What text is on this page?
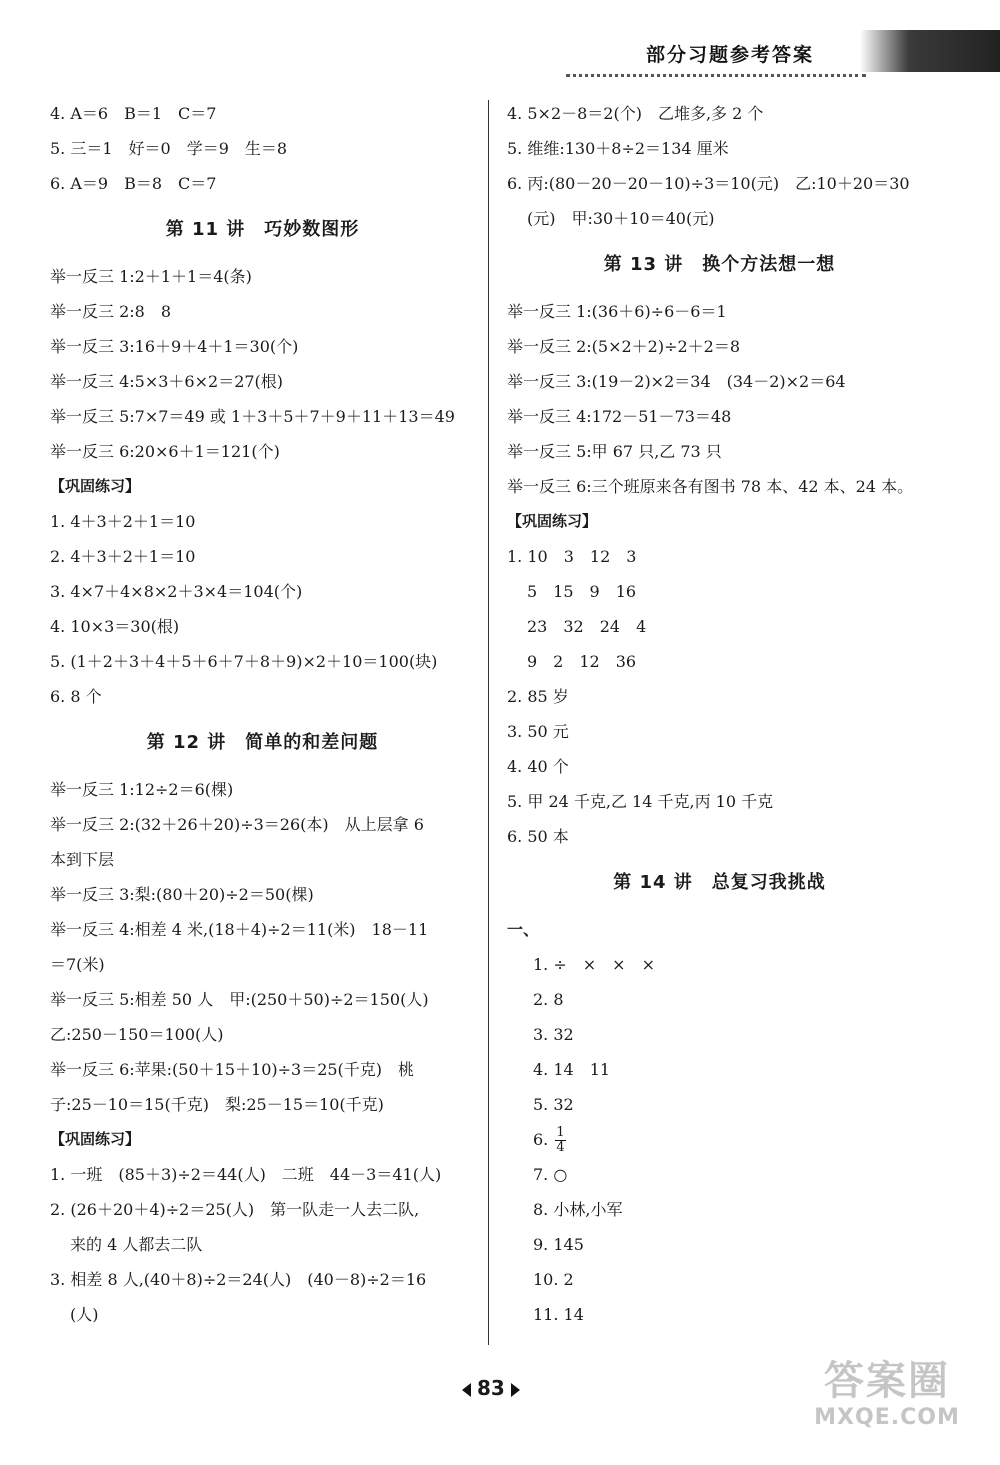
部分习题参考答案
4. A＝6　B＝1　C＝7
5. 三＝1　好＝0　学＝9　生＝8
6. A＝9　B＝8　C＝7
第 11 讲　巧妙数图形
举一反三 1:2＋1＋1＝4(条)
举一反三 2:8　8
举一反三 3:16＋9＋4＋1＝30(个)
举一反三 4:5×3＋6×2＝27(根)
举一反三 5:7×7＝49 或 1＋3＋5＋7＋9＋11＋13＝49
举一反三 6:20×6＋1＝121(个)
【巩固练习】
1. 4＋3＋2＋1＝10
2. 4＋3＋2＋1＝10
3. 4×7＋4×8×2＋3×4＝104(个)
4. 10×3＝30(根)
5. (1＋2＋3＋4＋5＋6＋7＋8＋9)×2＋10＝100(块)
6. 8 个
第 12 讲　简单的和差问题
举一反三 1:12÷2＝6(棵)
举一反三 2:(32＋26＋20)÷3＝26(本)　从上层拿 6
本到下层
举一反三 3:梨:(80＋20)÷2＝50(棵)
举一反三 4:相差 4 米,(18＋4)÷2＝11(米)　18－11
＝7(米)
举一反三 5:相差 50 人　甲:(250＋50)÷2＝150(人)
乙:250－150＝100(人)
举一反三 6:苹果:(50＋15＋10)÷3＝25(千克)　桃
子:25－10＝15(千克)　梨:25－15＝10(千克)
【巩固练习】
1. 一班　(85＋3)÷2＝44(人)　二班　44－3＝41(人)
2. (26＋20＋4)÷2＝25(人)　第一队走一人去二队,
来的 4 人都去二队
3. 相差 8 人,(40＋8)÷2＝24(人)　(40－8)÷2＝16
(人)
4. 5×2－8＝2(个)　乙堆多,多 2 个
5. 维维:130＋8÷2＝134 厘米
6. 丙:(80－20－20－10)÷3＝10(元)　乙:10＋20＝30
(元)　甲:30＋10＝40(元)
第 13 讲　换个方法想一想
举一反三 1:(36＋6)÷6－6＝1
举一反三 2:(5×2＋2)÷2＋2＝8
举一反三 3:(19－2)×2＝34　(34－2)×2＝64
举一反三 4:172－51－73＝48
举一反三 5:甲 67 只,乙 73 只
举一反三 6:三个班原来各有图书 78 本、42 本、24 本。
【巩固练习】
1. 10　3　12　3
5　15　9　16
23　32　24　4
9　2　12　36
2. 85 岁
3. 50 元
4. 40 个
5. 甲 24 千克,乙 14 千克,丙 10 千克
6. 50 本
第 14 讲　总复习我挑战
一、
1. ÷　×　×　×
2. 8
3. 32
4. 14　11
5. 32
6. $\frac{1}{4}$
7. ○
8. 小林,小军
9. 145
10. 2
11. 14
83	答案圈
MXQE.COM
